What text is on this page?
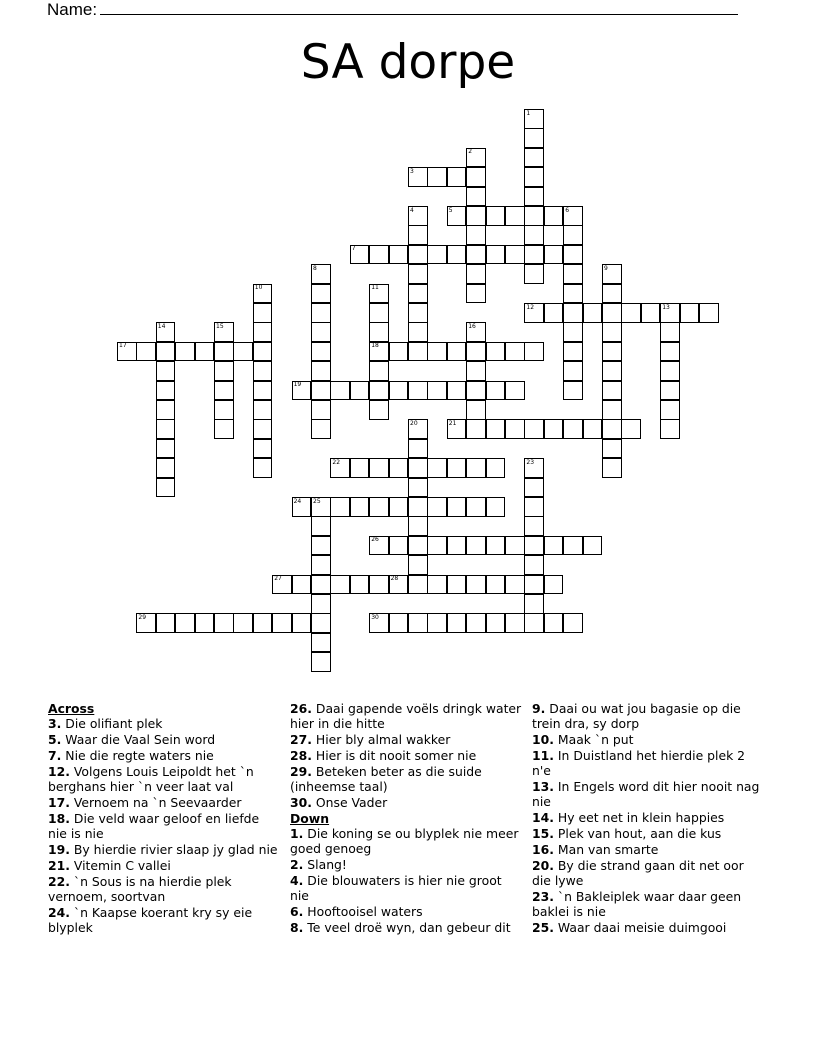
Name:
SA dorpe
3
5
7
12
17	18
19
21
22
24
26
27	28
29	30
1
2
4	6
8	9
10	11
13
14	15	16
20
23
25
Across
3. Die olifiant plek
5. Waar die Vaal Sein word
7. Nie die regte waters nie
12. Volgens Louis Leipoldt het `n berghans hier `n veer laat val
17. Vernoem na `n Seevaarder
18. Die veld waar geloof en liefde nie is nie
19. By hierdie rivier slaap jy glad nie
21. Vitemin C vallei
22. `n Sous is na hierdie plek vernoem, soortvan
24. `n Kaapse koerant kry sy eie blyplek
26. Daai gapende voëls dringk water hier in die hitte
27. Hier bly almal wakker
28. Hier is dit nooit somer nie
29. Beteken beter as die suide (inheemse taal)
30. Onse Vader
Down
1. Die koning se ou blyplek nie meer goed genoeg
2. Slang!
4. Die blouwaters is hier nie groot nie
6. Hooftooisel waters
8. Te veel droë wyn, dan gebeur dit
9. Daai ou wat jou bagasie op die trein dra, sy dorp
10. Maak `n put
11. In Duistland het hierdie plek 2 n'e
13. In Engels word dit hier nooit nag nie
14. Hy eet net in klein happies
15. Plek van hout, aan die kus
16. Man van smarte
20. By die strand gaan dit net oor die lywe
23. `n Bakleiplek waar daar geen baklei is nie
25. Waar daai meisie duimgooi
